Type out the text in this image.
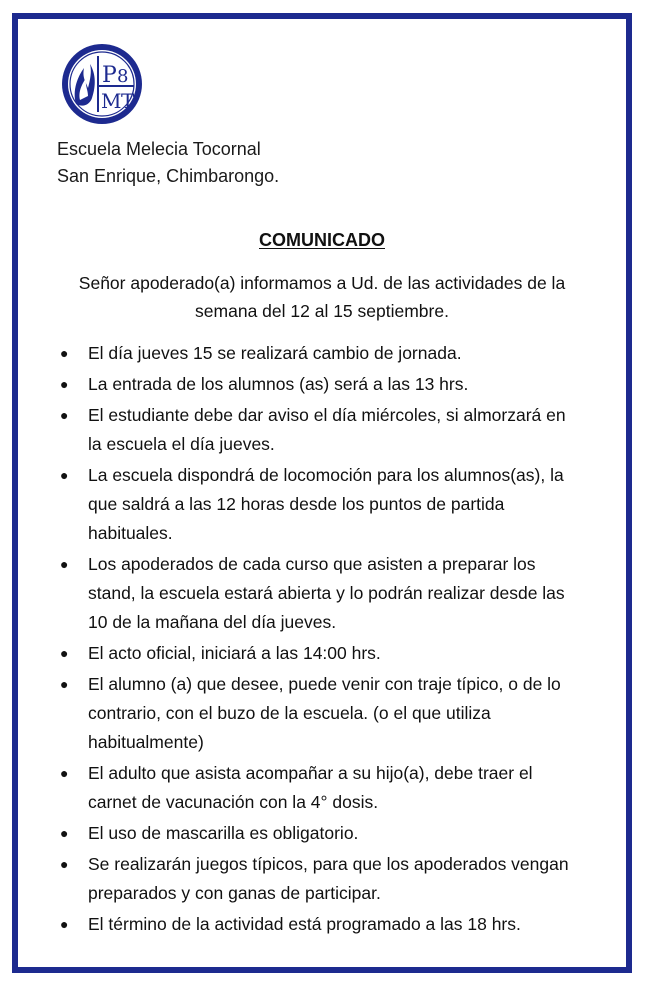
P 8
M T
Escuela Melecia Tocornal
San Enrique, Chimbarongo.
COMUNICADO
Señor apoderado(a) informamos a Ud. de las actividades de la
semana del 12 al 15 septiembre.
●	El día jueves 15 se realizará cambio de jornada.
●	La entrada de los alumnos (as) será a las 13 hrs.
●	El estudiante debe dar aviso el día miércoles, si almorzará en
la escuela el día jueves.
●	La escuela dispondrá de locomoción para los alumnos(as), la
que saldrá a las 12 horas desde los puntos de partida
habituales.
●	Los apoderados de cada curso que asisten a preparar los
stand, la escuela estará abierta y lo podrán realizar desde las
10 de la mañana del día jueves.
●	El acto oficial, iniciará a las 14:00 hrs.
●	El alumno (a) que desee, puede venir con traje típico, o de lo
contrario, con el buzo de la escuela. (o el que utiliza
habitualmente)
●	El adulto que asista acompañar a su hijo(a), debe traer el
carnet de vacunación con la 4° dosis.
●	El uso de mascarilla es obligatorio.
●	Se realizarán juegos típicos, para que los apoderados vengan
preparados y con ganas de participar.
●	El término de la actividad está programado a las 18 hrs.
